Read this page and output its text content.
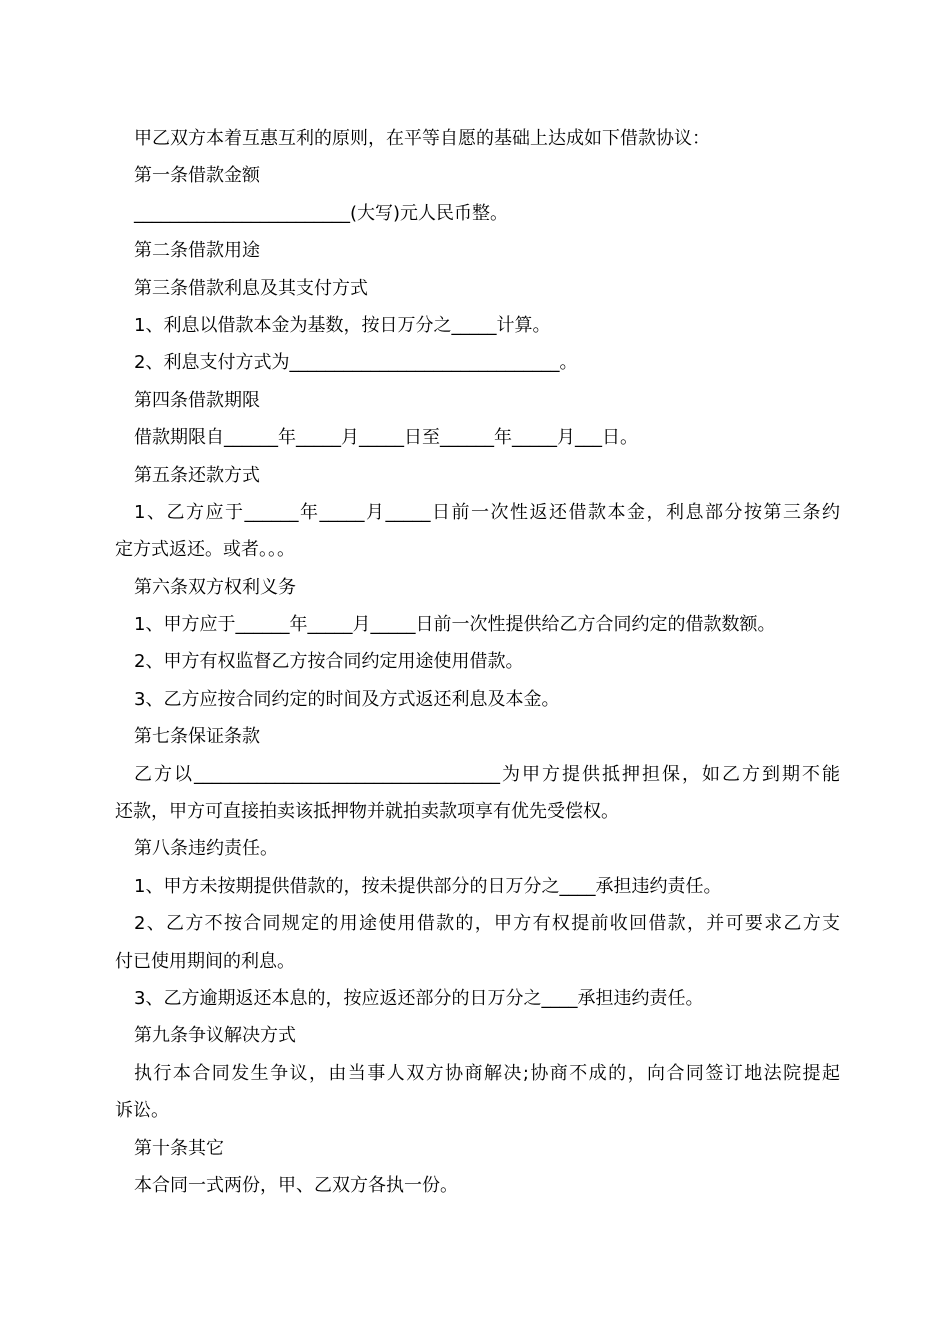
甲乙双方本着互惠互利的原则，在平等自愿的基础上达成如下借款协议：
第一条借款金额
________________________(大写)元人民币整。
第二条借款用途
第三条借款利息及其支付方式
1、利息以借款本金为基数，按日万分之_____计算。
2、利息支付方式为______________________________。
第四条借款期限
借款期限自______年_____月_____日至______年_____月___日。
第五条还款方式
1、乙方应于______年_____月_____日前一次性返还借款本金，利息部分按第三条约
定方式返还。或者。。。
第六条双方权利义务
1、甲方应于______年_____月_____日前一次性提供给乙方合同约定的借款数额。
2、甲方有权监督乙方按合同约定用途使用借款。
3、乙方应按合同约定的时间及方式返还利息及本金。
第七条保证条款
乙方以__________________________________为甲方提供抵押担保，如乙方到期不能
还款，甲方可直接拍卖该抵押物并就拍卖款项享有优先受偿权。
第八条违约责任。
1、甲方未按期提供借款的，按未提供部分的日万分之____承担违约责任。
2、乙方不按合同规定的用途使用借款的，甲方有权提前收回借款，并可要求乙方支
付已使用期间的利息。
3、乙方逾期返还本息的，按应返还部分的日万分之____承担违约责任。
第九条争议解决方式
执行本合同发生争议，由当事人双方协商解决;协商不成的，向合同签订地法院提起
诉讼。
第十条其它
本合同一式两份，甲、乙双方各执一份。
